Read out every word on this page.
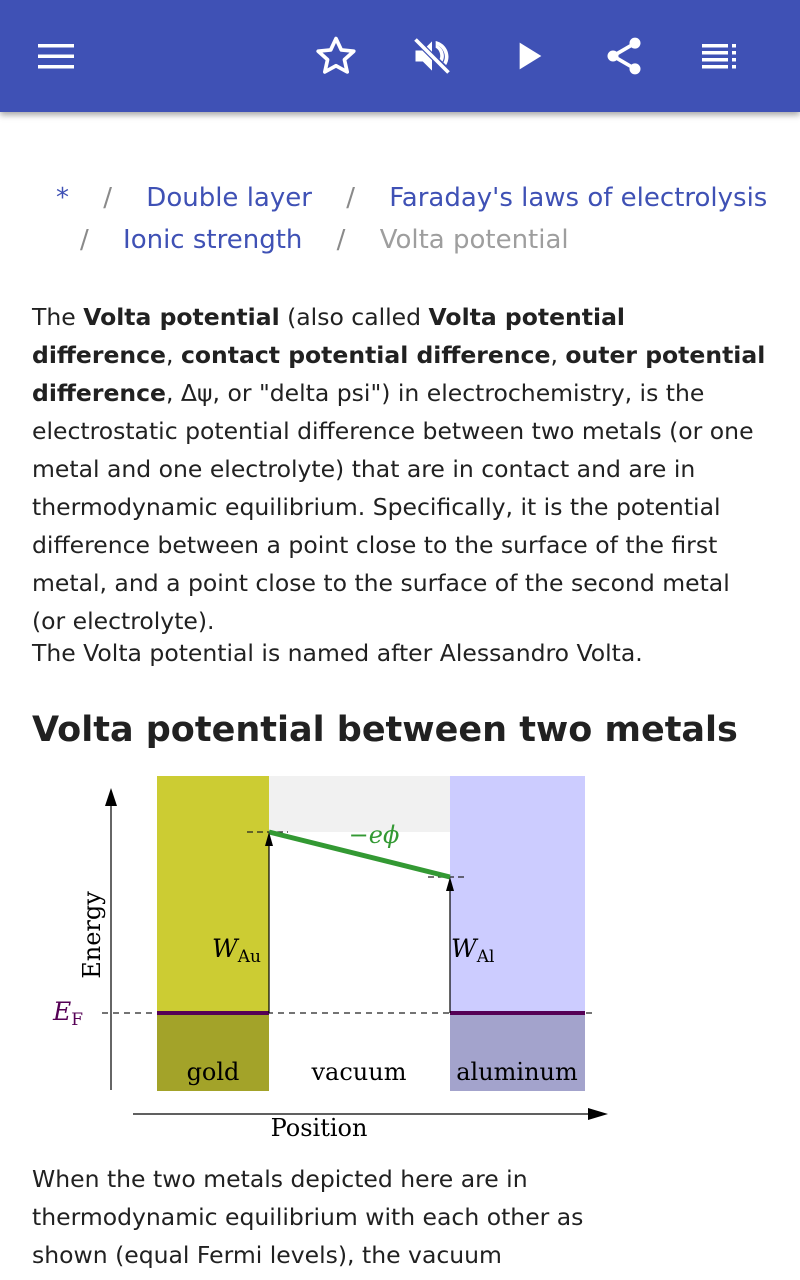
* / Double layer / Faraday's laws of electrolysis
/ Ionic strength / Volta potential
The Volta potential (also called Volta potential difference, contact potential difference, outer potential difference, Δψ, or "delta psi") in electrochemistry, is the electrostatic potential difference between two metals (or one metal and one electrolyte) that are in contact and are in thermodynamic equilibrium. Specifically, it is the potential difference between a point close to the surface of the first metal, and a point close to the surface of the second metal (or electrolyte).
The Volta potential is named after Alessandro Volta.
Volta potential between two metals
Energy
Position
$E_F$
−eϕ
$W_{Au}$	$W_{Al}$
gold	vacuum aluminum
When the two metals depicted here are in thermodynamic equilibrium with each other as shown (equal Fermi levels), the vacuum
